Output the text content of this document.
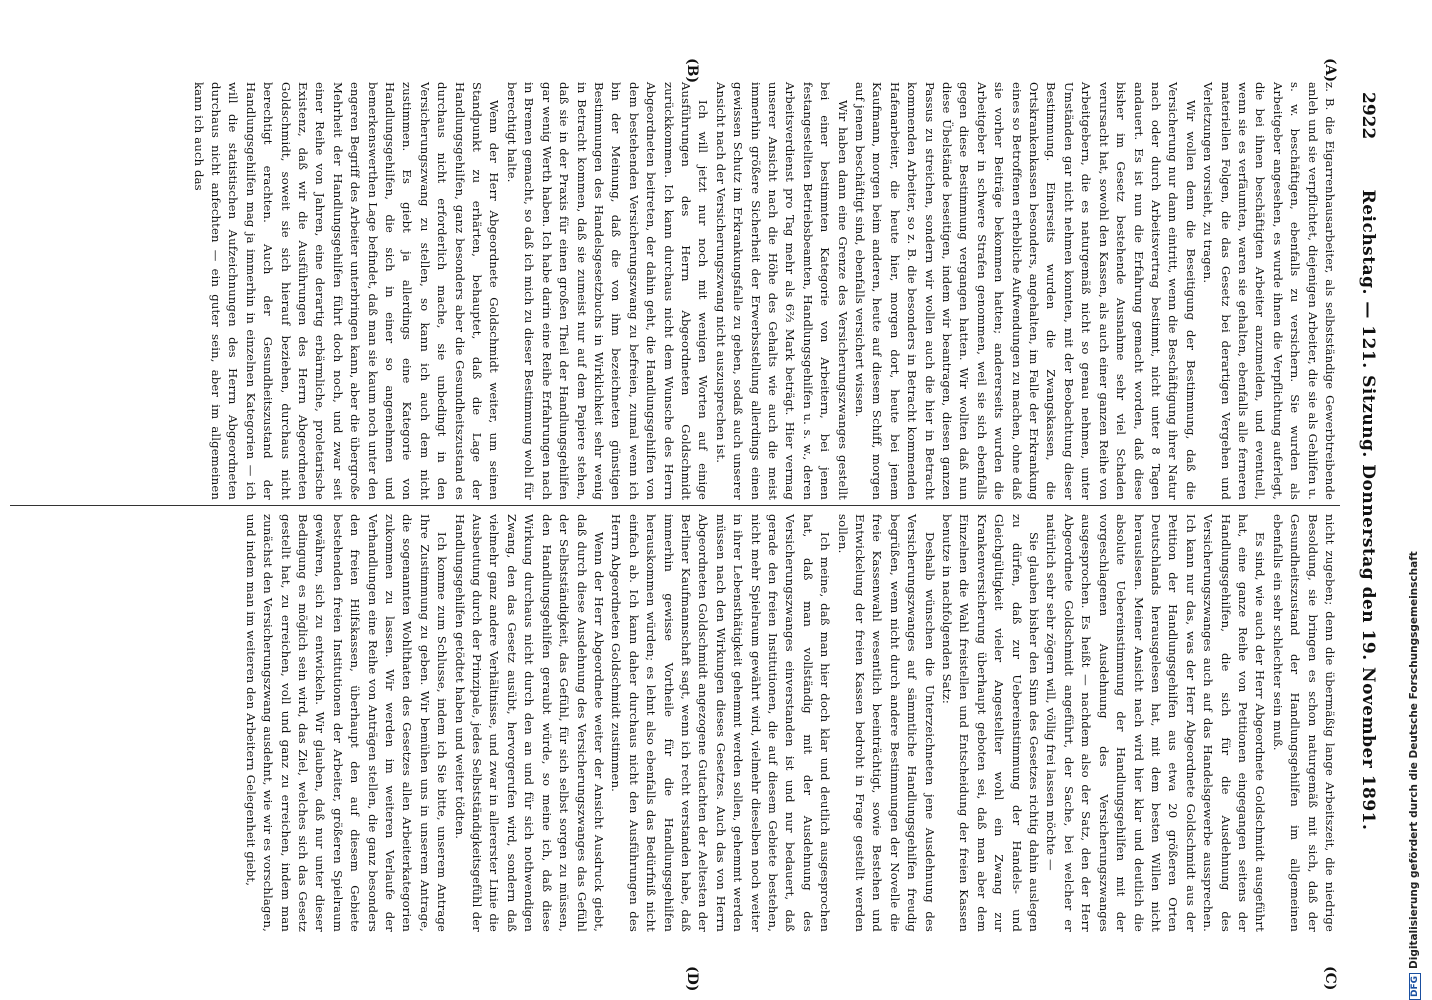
2922
Reichstag. — 121. Sitzung. Donnerstag den 19. November 1891.
(A)
(B)
(C)
(D)

z. B. die Eigarrenhausarbeiter, als selbstständige Gewerbtreibende anleh und sie verpflichtet, diejenigen Arbeiter, die sie als Gehilfen u. s. w. beschäftigen, ebenfalls zu versichern. Sie wurden als Arbeitgeber angesehen, es wurde ihnen die Verpflichtung auferlegt, die bei ihnen beschäftigten Arbeiter anzumelden, und eventuell, wenn sie es verfäumten, waren sie gehalten, ebenfalls alle ferneren materiellen Folgen, die das Gesetz bei derartigen Vergehen und Verletzungen vorsieht, zu tragen.

Wir wollen denn die Beseitigung der Bestimmung, daß die Versicherung nur dann eintritt, wenn die Beschäftigung ihrer Natur nach oder durch Arbeitsvertrag bestimmt, nicht unter 8 Tagen andauert. Es ist nun die Erfahrung gemacht worden, daß diese bisher im Gesetz bestehende Ausnahme sehr viel Schaden verursacht hat, sowohl den Kassen, als auch einer ganzen Reihe von Arbeitgebern, die es naturgemäß nicht so genau nehmen, unter Umständen gar nicht nehmen konnten, mit der Beobachtung dieser Bestimmung. Einerseits wurden die Zwangskassen, die Ortskrankenkassen besonders, angehalten, im Falle der Erkrankung eines so Betroffenen erhebliche Aufwendungen zu machen, ohne daß sie vorher Beiträge bekommen hatten; andererseits wurden die Arbeitgeber in schwere Strafen genommen, weil sie sich ebenfalls gegen diese Bestimmung vergangen hatten. Wir wollten daß nun diese Übelstände beseitigen, indem wir beantragen, diesen ganzen Passus zu streichen, sondern wir wollen auch die hier in Betracht kommenden Arbeiter, so z. B. die besonders in Betracht kommenden Hafenarbeiter, die heute hier, morgen dort, heute bei jenem Kaufmann, morgen beim anderen, heute auf diesem Schiff, morgen auf jenem beschäftigt sind, ebenfalls versichert wissen.

Wir haben dann eine Grenze des Versicherungszwanges gestellt bei einer bestimmten Kategorie von Arbeitern, bei jenen festangestellten Betriebsbeamten, Handlungsgehilfen u. s. w., deren Arbeitsverdienst pro Tag mehr als 6⅔ Mark beträgt. Hier vermag unserer Ansicht nach die Höhe des Gehalts wie auch die meist immerhin größere Sicherheit der Erwerbsstellung allerdings einen gewissen Schutz im Erkrankungsfalle zu geben, sodaß auch unserer Ansicht nach der Versicherungszwang nicht auszusprechen ist.

Ich will jetzt nur noch mit wenigen Worten auf einige Ausführungen des Herrn Abgeordneten Goldschmidt zurückkommen. Ich kann durchaus nicht dem Wunsche des Herrn Abgeordneten beitreten, der dahin geht, die Handlungsgehilfen von dem bestehenden Versicherungszwang zu befreien, zumal wenn ich bin der Meinung, daß die von ihm bezeichneten günstigen Bestimmungen des Handelsgesetzbuchs in Wirklichkeit sehr wenig in Betracht kommen, daß sie zumeist nur auf dem Papiere stehen, daß sie in der Praxis für einen großen Theil der Handlungsgehilfen gar wenig Werth haben. Ich habe darin eine Reihe Erfahrungen nach in Bremen gemacht, so daß ich mich zu dieser Bestimmung wohl für berechtigt halte.

Wenn der Herr Abgeordnete Goldschmidt weiter, um seinen Standpunkt zu erhärten, behauptet, daß die Lage der Handlungsgehilfen, ganz besonders aber die Gesundheitszustand es durchaus nicht erforderlich mache, sie unbedingt in den Versicherungszwang zu stellen, so kann ich auch dem nicht zustimmen. Es giebt ja allerdings eine Kategorie von Handlungsgehilfen, die sich in einer so angenehmen und bemerkenswerthen Lage befindet, daß man sie kaum noch unter den engeren Begriff des Arbeiter unterbringen kann, aber die übergroße Mehrheit der Handlungsgehilfen führt doch noch, und zwar seit einer Reihe von Jahren, eine derartig erbärmliche, proletarische Existenz, daß wir die Ausführungen des Herrn Abgeordneten Goldschmidt, soweit sie sich hierauf beziehen, durchaus nicht berechtigt erachten. Auch der Gesundheitszustand der Handlungsgehilfen mag ja immerhin in einzelnen Kategorien — ich will die statistischen Aufzeichnungen des Herrn Abgeordneten durchaus nicht anfechten — ein guter sein, aber im allgemeinen kann ich auch das

nicht zugeben; denn die übermäßig lange Arbeitszeit, die niedrige Besoldung, sie bringen es schon naturgemäß mit sich, daß der Gesundheitszustand der Handlungsgehilfen im allgemeinen ebenfalls ein sehr schlechter sein muß.

Es sind, wie auch der Herr Abgeordnete Goldschmidt ausgeführt hat, eine ganze Reihe von Petitionen eingegangen seitens der Handlungsgehilfen, die sich für die Ausdehnung des Versicherungszwanges auch auf das Handelsgewerbe aussprechen. Ich kann nur das, was der Herr Abgeordnete Goldschmidt aus der Petition der Handlungsgehilfen aus etwa 20 größeren Orten Deutschlands herausgelesen hat, mit dem besten Willen nicht herauslesen. Meiner Ansicht nach wird hier klar und deutlich die absolute Uebereinstimmung der Handlungsgehilfen mit der vorgeschlagenen Ausdehnung des Versicherungszwanges ausgesprochen. Es heißt — nachdem also der Satz, den der Herr Abgeordnete Goldschmidt angeführt, der Sache, bei welcher er natürlich sehr sehr zögern will, völlig frei lassen möchte —

Sie glauben bisher den Sinn des Gesetzes richtig dahin auslegen zu dürfen, daß zur Uebereinstimmung der Handels- und Gleichgültigkeit vieler Angestellter wohl ein Zwang zur Krankenversicherung überhaupt geboten sei, daß man aber dem Einzelnen die Wahl freistellen und Entscheidung der freien Kassen benutze in nachfolgenden Satz:

Deshalb wünschen die Unterzeichneten jene Ausdehnung des Versicherungszwanges auf sämmtliche Handlungsgehilfen freudig begrüßen, wenn nicht durch andere Bestimmungen der Novelle die freie Kassenwahl wesentlich beeinträchtigt, sowie Bestehen und Entwickelung der freien Kassen bedroht in Frage gestellt werden sollen.

Ich meine, daß man hier doch klar und deutlich ausgesprochen hat, daß man vollständig mit der Ausdehnung des Versicherungszwanges einverstanden ist und nur bedauert, daß gerade den freien Institutionen, die auf diesem Gebiete bestehen, nicht mehr Spielraum gewährt wird, vielmehr dieselben noch weiter in ihrer Lebensthätigkeit gehemmt werden sollen, gehemmt werden müssen nach den Wirkungen dieses Gesetzes. Auch das von Herrn Abgeordneten Goldschmidt angezogene Gutachten der Aeltesten der Berliner Kaufmannschaft sagt, wenn ich recht verstanden habe, daß immerhin gewisse Vortheile für die Handlungsgehilfen herauskommen würden; es lehnt also ebenfalls das Bedürfniß nicht einfach ab. Ich kann daher durchaus nicht den Ausführungen des Herrn Abgeordneten Goldschmidt zustimmen.

Wenn der Herr Abgeordnete weiter der Ansicht Ausdruck giebt, daß durch diese Ausdehnung des Versicherungszwanges das Gefühl der Selbstständigkeit, das Gefühl, für sich selbst sorgen zu müssen, den Handlungsgehilfen geraubt würde, so meine ich, daß diese Wirkung durchaus nicht durch den an und für sich nothwendigen Zwang, den das Gesetz ausübt, hervorgerufen wird, sondern daß vielmehr ganz andere Verhältnisse, und zwar in allererster Linie die Ausbeutung durch der Prinzipale, jedes Selbstständigkeitsgefühl der Handlungsgehilfen getödtet haben und weiter tödten.

Ich komme zum Schlusse, indem ich Sie bitte, unserem Antrage Ihre Zustimmung zu geben. Wir bemühen uns in unserem Antrage, die sogenannten Wohlthaten des Gesetzes allen Arbeiterkategorien zukommen zu lassen. Wir werden im weiteren Verlaufe der Verhandlungen eine Reihe von Anträgen stellen, die ganz besonders den freien Hilfskassen, überhaupt den auf diesem Gebiete bestehenden freien Institutionen der Arbeiter, größeren Spielraum gewähren, sich zu entwickeln. Wir glauben, daß nur unter dieser Bedingung es möglich sein wird, das Ziel, welches sich das Gesetz gestellt hat, zu erreichen, voll und ganz zu erreichen, indem man zunächst den Versicherungszwang ausdehnt, wie wir es vorschlagen, und indem man im weiteren den Arbeitern Gelegenheit giebt,

DFGDigitalisierung gefördert durch die Deutsche Forschungsgemeinschaft
